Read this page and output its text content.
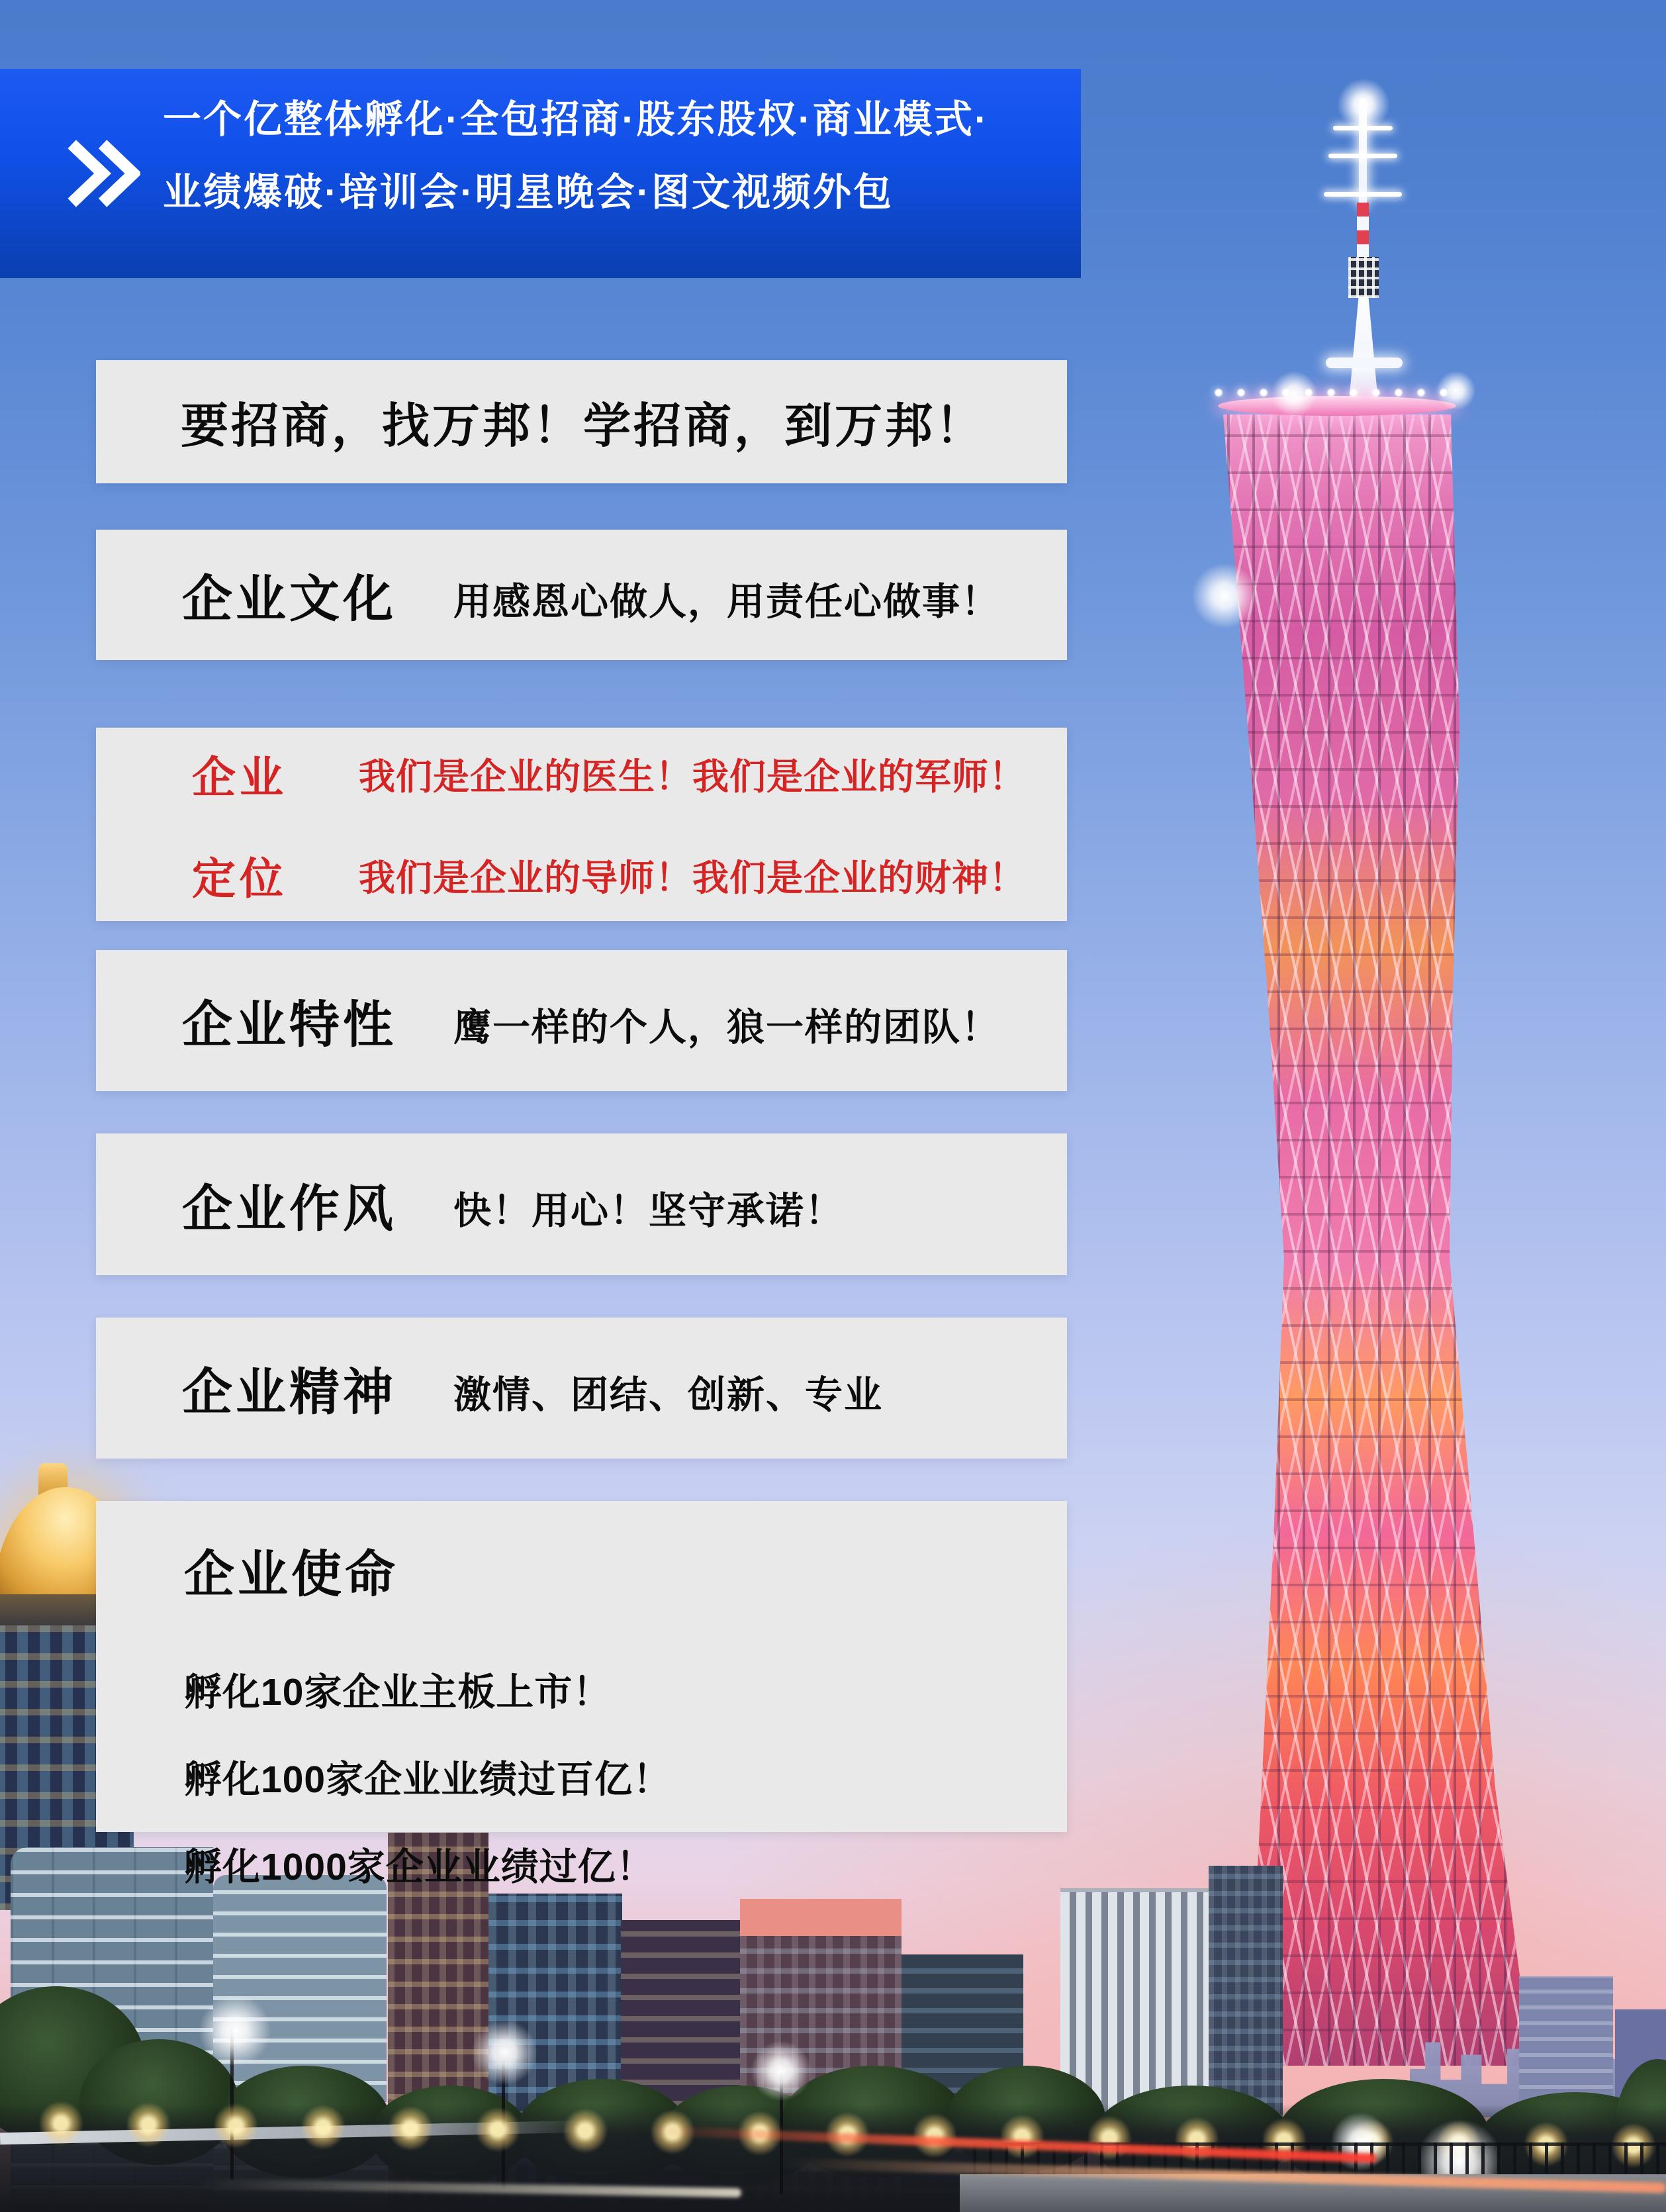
一个亿整体孵化·全包招商·股东股权·商业模式·
业绩爆破·培训会·明星晚会·图文视频外包
要招商，找万邦！学招商，到万邦！
企业文化 用感恩心做人，用责任心做事！
企业	我们是企业的医生！我们是企业的军师！
定位	我们是企业的导师！我们是企业的财神！
企业特性 鹰一样的个人，狼一样的团队！
企业作风 快！用心！坚守承诺！
企业精神 激情、团结、创新、专业
企业使命
孵化10家企业主板上市！
孵化100家企业业绩过百亿！
孵化1000家企业业绩过亿！
